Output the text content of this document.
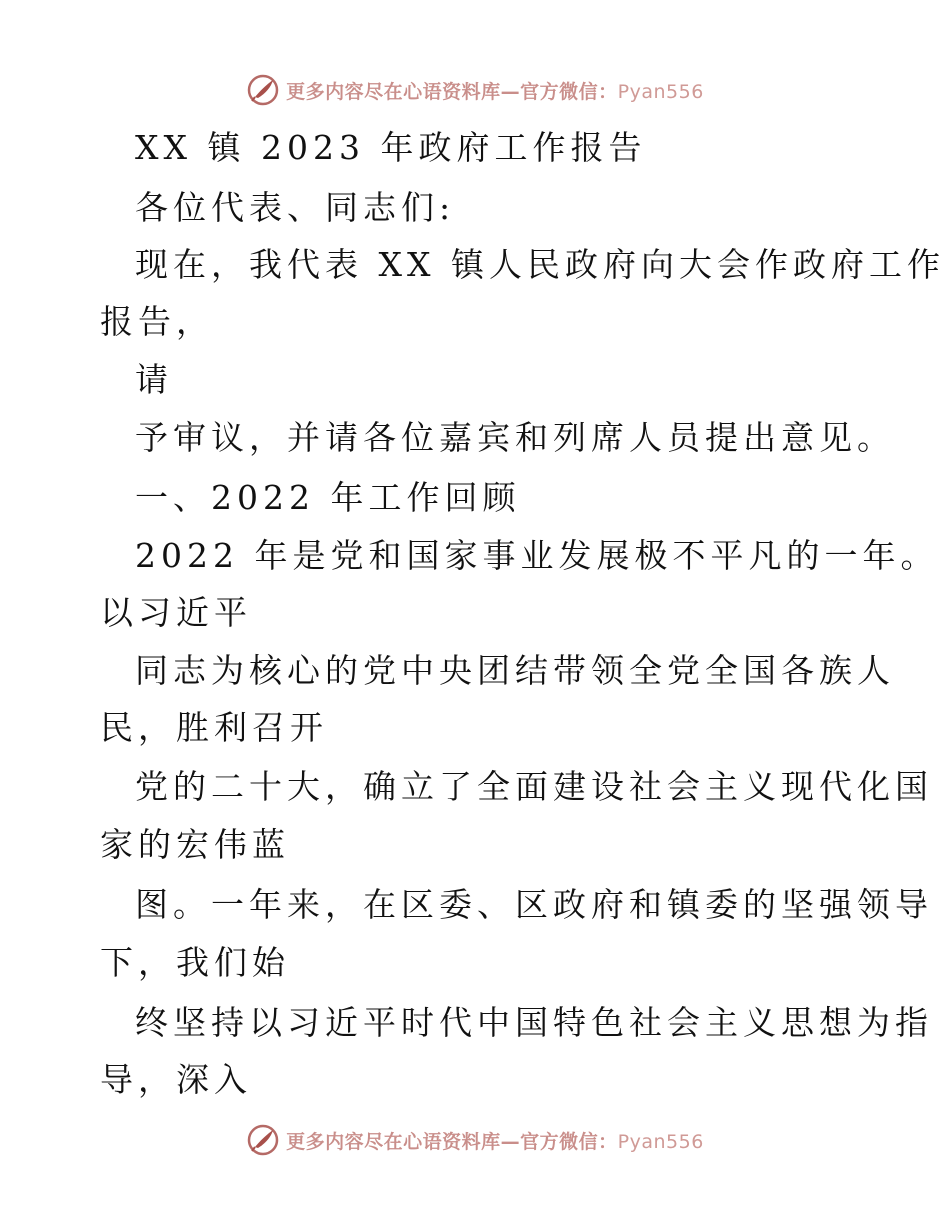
更多内容尽在心语资料库—官方微信：Pyan556
XX 镇 2023 年政府工作报告
各位代表、同志们:
现在，我代表 XX 镇人民政府向大会作政府工作
报告，
请
予审议，并请各位嘉宾和列席人员提出意见。
一、2022 年工作回顾
2022 年是党和国家事业发展极不平凡的一年。
以习近平
同志为核心的党中央团结带领全党全国各族人
民，胜利召开
党的二十大，确立了全面建设社会主义现代化国
家的宏伟蓝
图。一年来，在区委、区政府和镇委的坚强领导
下，我们始
终坚持以习近平时代中国特色社会主义思想为指
导，深入
更多内容尽在心语资料库—官方微信：Pyan556
